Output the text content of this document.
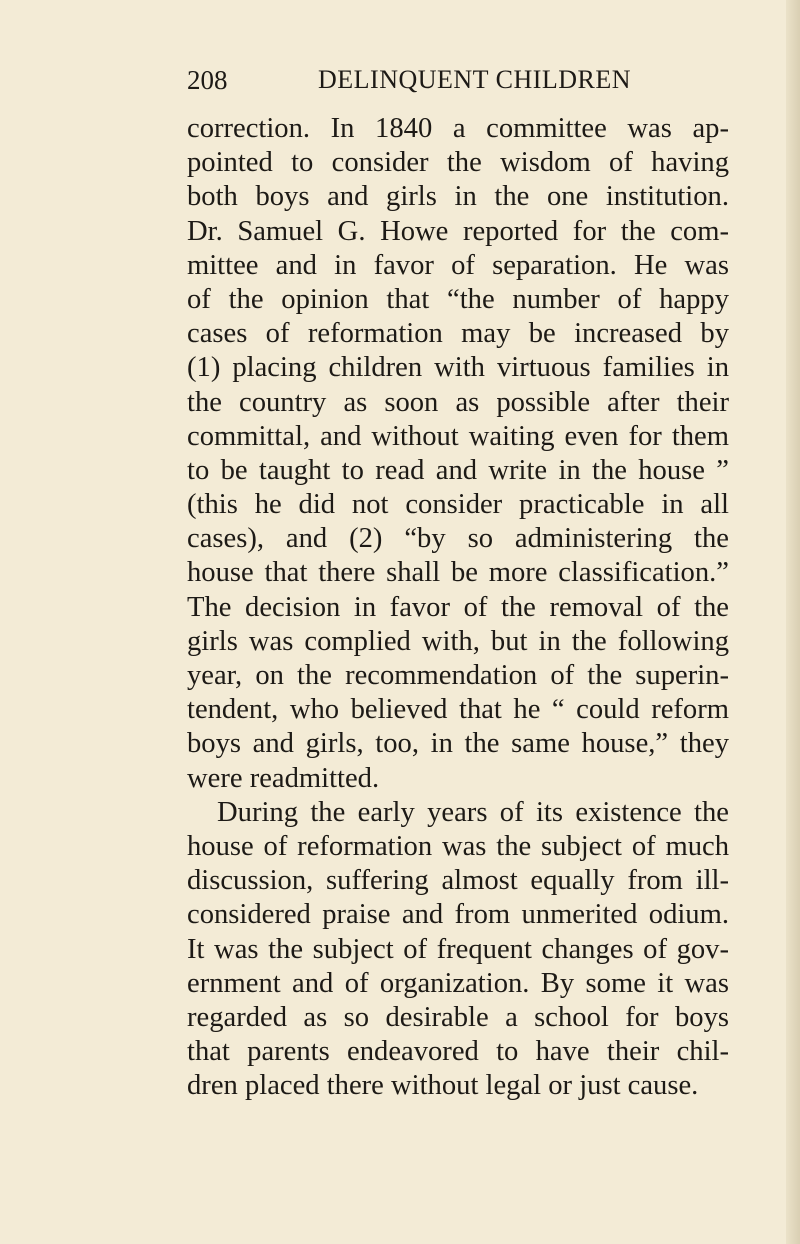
208	DELINQUENT CHILDREN
correction. In 1840 a committee was ap-
pointed to consider the wisdom of having
both boys and girls in the one institution.
Dr. Samuel G. Howe reported for the com-
mittee and in favor of separation. He was
of the opinion that “the number of happy
cases of reformation may be increased by
(1) placing children with virtuous families in
the country as soon as possible after their
committal, and without waiting even for them
to be taught to read and write in the house ”
(this he did not consider practicable in all
cases), and (2) “by so administering the
house that there shall be more classification.”
The decision in favor of the removal of the
girls was complied with, but in the following
year, on the recommendation of the superin-
tendent, who believed that he “ could reform
boys and girls, too, in the same house,” they
were readmitted.
During the early years of its existence the
house of reformation was the subject of much
discussion, suffering almost equally from ill-
considered praise and from unmerited odium.
It was the subject of frequent changes of gov-
ernment and of organization. By some it was
regarded as so desirable a school for boys
that parents endeavored to have their chil-
dren placed there without legal or just cause.
